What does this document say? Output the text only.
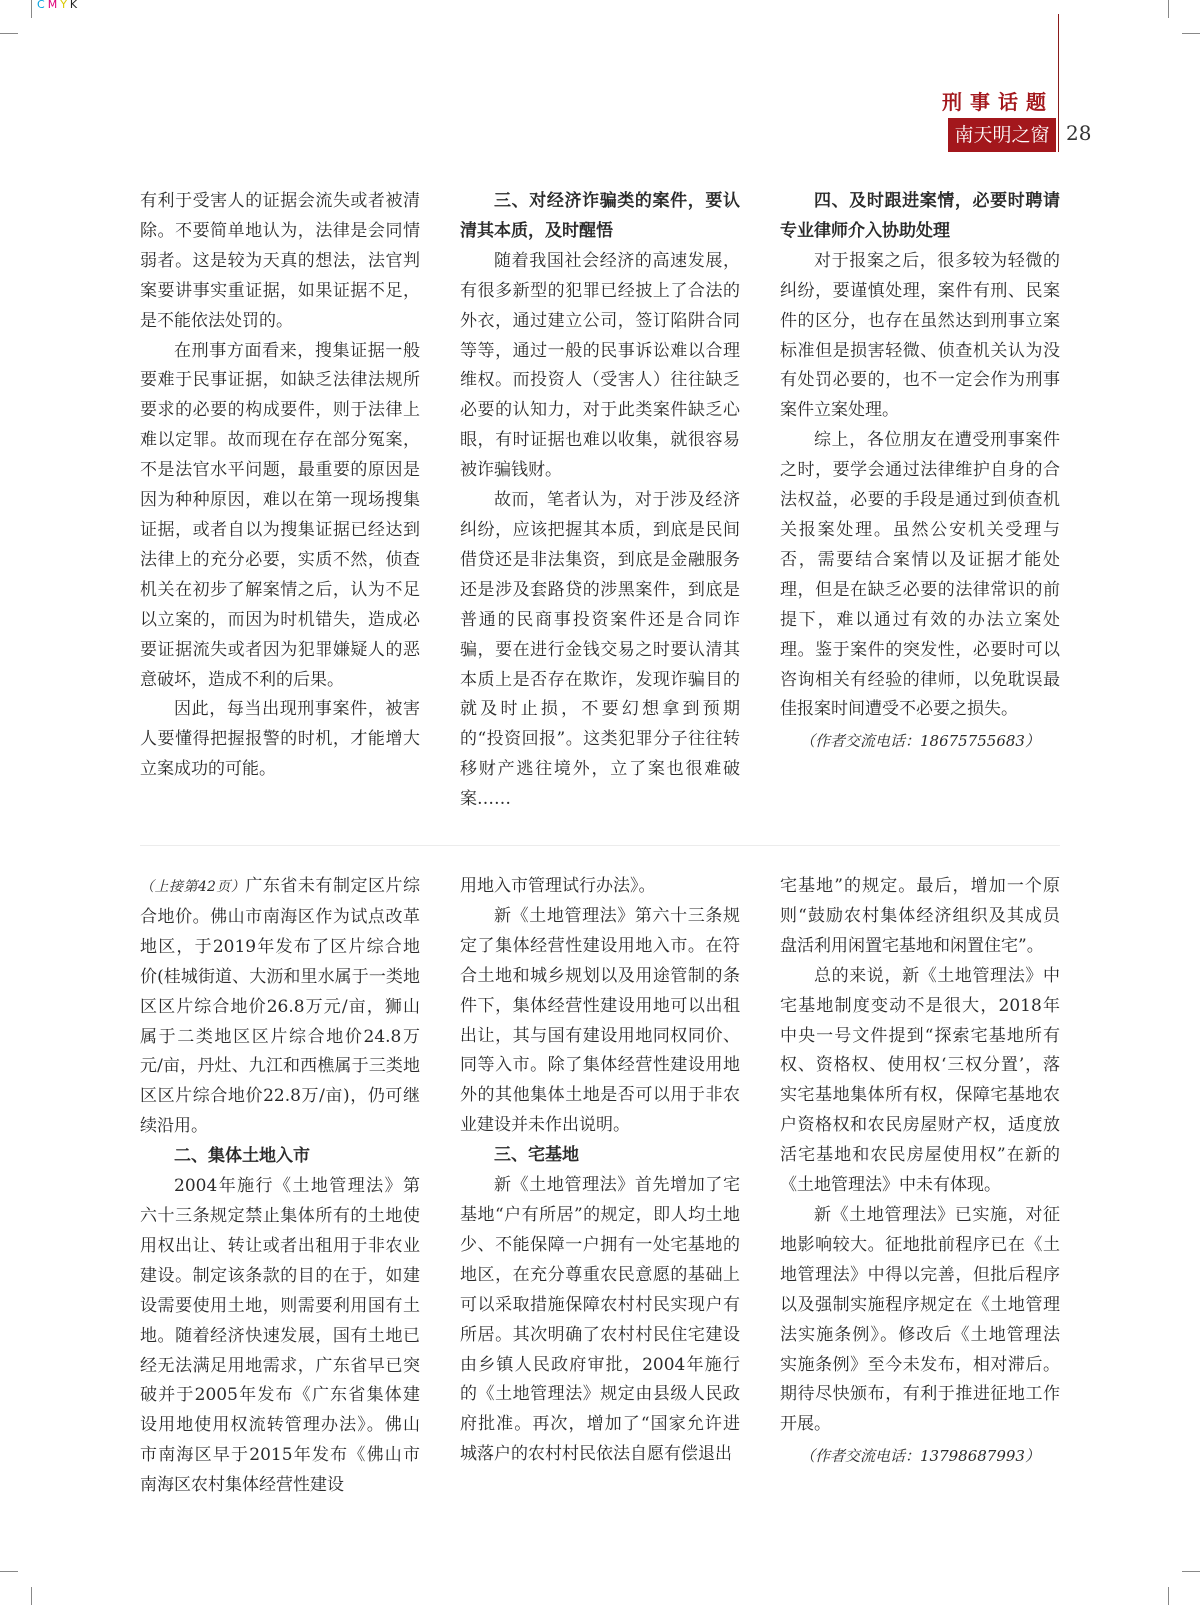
CMYK
刑事话题
南天明之窗 28

有利于受害人的证据会流失或者被清除。不要简单地认为，法律是会同情弱者。这是较为天真的想法，法官判案要讲事实重证据，如果证据不足，是不能依法处罚的。

在刑事方面看来，搜集证据一般要难于民事证据，如缺乏法律法规所要求的必要的构成要件，则于法律上难以定罪。故而现在存在部分冤案，不是法官水平问题，最重要的原因是因为种种原因，难以在第一现场搜集证据，或者自以为搜集证据已经达到法律上的充分必要，实质不然，侦查机关在初步了解案情之后，认为不足以立案的，而因为时机错失，造成必要证据流失或者因为犯罪嫌疑人的恶意破坏，造成不利的后果。

因此，每当出现刑事案件，被害人要懂得把握报警的时机，才能增大立案成功的可能。

三、对经济诈骗类的案件，要认清其本质，及时醒悟

随着我国社会经济的高速发展，有很多新型的犯罪已经披上了合法的外衣，通过建立公司，签订陷阱合同等等，通过一般的民事诉讼难以合理维权。而投资人（受害人）往往缺乏必要的认知力，对于此类案件缺乏心眼，有时证据也难以收集，就很容易被诈骗钱财。

故而，笔者认为，对于涉及经济纠纷，应该把握其本质，到底是民间借贷还是非法集资，到底是金融服务还是涉及套路贷的涉黑案件，到底是普通的民商事投资案件还是合同诈骗，要在进行金钱交易之时要认清其本质上是否存在欺诈，发现诈骗目的就及时止损，不要幻想拿到预期的“投资回报”。这类犯罪分子往往转移财产逃往境外，立了案也很难破案……

四、及时跟进案情，必要时聘请专业律师介入协助处理

对于报案之后，很多较为轻微的纠纷，要谨慎处理，案件有刑、民案件的区分，也存在虽然达到刑事立案标准但是损害轻微、侦查机关认为没有处罚必要的，也不一定会作为刑事案件立案处理。

综上，各位朋友在遭受刑事案件之时，要学会通过法律维护自身的合法权益，必要的手段是通过到侦查机关报案处理。虽然公安机关受理与否，需要结合案情以及证据才能处理，但是在缺乏必要的法律常识的前提下，难以通过有效的办法立案处理。鉴于案件的突发性，必要时可以咨询相关有经验的律师，以免耽误最佳报案时间遭受不必要之损失。

（作者交流电话：18675755683）

（上接第42页）广东省未有制定区片综合地价。佛山市南海区作为试点改革地区，于2019年发布了区片综合地价(桂城街道、大沥和里水属于一类地区区片综合地价26.8万元/亩，狮山属于二类地区区片综合地价24.8万元/亩，丹灶、九江和西樵属于三类地区区片综合地价22.8万/亩)，仍可继续沿用。

二、集体土地入市

2004年施行《土地管理法》第六十三条规定禁止集体所有的土地使用权出让、转让或者出租用于非农业建设。制定该条款的目的在于，如建设需要使用土地，则需要利用国有土地。随着经济快速发展，国有土地已经无法满足用地需求，广东省早已突破并于2005年发布《广东省集体建设用地使用权流转管理办法》。佛山市南海区早于2015年发布《佛山市南海区农村集体经营性建设

用地入市管理试行办法》。

新《土地管理法》第六十三条规定了集体经营性建设用地入市。在符合土地和城乡规划以及用途管制的条件下，集体经营性建设用地可以出租出让，其与国有建设用地同权同价、同等入市。除了集体经营性建设用地外的其他集体土地是否可以用于非农业建设并未作出说明。

三、宅基地

新《土地管理法》首先增加了宅基地“户有所居”的规定，即人均土地少、不能保障一户拥有一处宅基地的地区，在充分尊重农民意愿的基础上可以采取措施保障农村村民实现户有所居。其次明确了农村村民住宅建设由乡镇人民政府审批，2004年施行的《土地管理法》规定由县级人民政府批准。再次，增加了“国家允许进城落户的农村村民依法自愿有偿退出

宅基地”的规定。最后，增加一个原则“鼓励农村集体经济组织及其成员盘活利用闲置宅基地和闲置住宅”。

总的来说，新《土地管理法》中宅基地制度变动不是很大，2018年中央一号文件提到“探索宅基地所有权、资格权、使用权‘三权分置’，落实宅基地集体所有权，保障宅基地农户资格权和农民房屋财产权，适度放活宅基地和农民房屋使用权”在新的《土地管理法》中未有体现。

新《土地管理法》已实施，对征地影响较大。征地批前程序已在《土地管理法》中得以完善，但批后程序以及强制实施程序规定在《土地管理法实施条例》。修改后《土地管理法实施条例》至今未发布，相对滞后。期待尽快颁布，有利于推进征地工作开展。

（作者交流电话：13798687993）
